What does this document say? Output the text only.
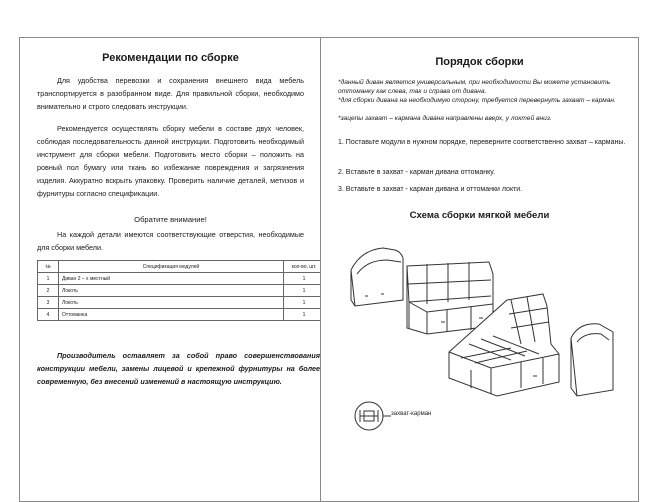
Рекомендации по сборке
Для удобства перевозки и сохранения внешнего вида мебель транспортируется в разобранном виде. Для правильной сборки, необходимо внимательно и строго следовать инструкции.
Рекомендуется осуществлять сборку мебели в составе двух человек, соблюдая последовательность данной инструкции. Подготовить необходимый инструмент для сборки мебели. Подготовить место сборки – положить на ровный пол бумагу или ткань во избежание повреждения и загрязнения изделия. Аккуратно вскрыть упаковку. Проверить наличие деталей, метизов и фурнитуры согласно спецификации.
Обратите внимание!
На каждой детали имеются соответствующие отверстия, необходимые для сборки мебели.
№	Спецификация модулей	кол-во, шт.
1	Диван 2 – х местный	1
2	Локоть	1
3	Локоть	1
4	Оттоманка	1
Производитель оставляет за собой право совершенствования конструкции мебели, замены лицевой и крепежной фурнитуры на более современную, без внесений изменений в настоящую инструкцию.
Порядок сборки
*данный диван является универсальным, при необходимости Вы можете установить оттоманку как слева, так и справа от дивана.
*для сборки дивана на необходимую сторону, требуется перевернуть захват – карман.
*зацепы захват – кармана дивана направлены вверх, у локтей вниз.
1. Поставьте модули в нужном порядке, переверните соответственно захват – карманы.
2. Вставьте в захват - карман дивана оттоманку.
3. Вставьте в захват - карман дивана и оттоманки локти.
Схема сборки мягкой мебели
захват-карман
